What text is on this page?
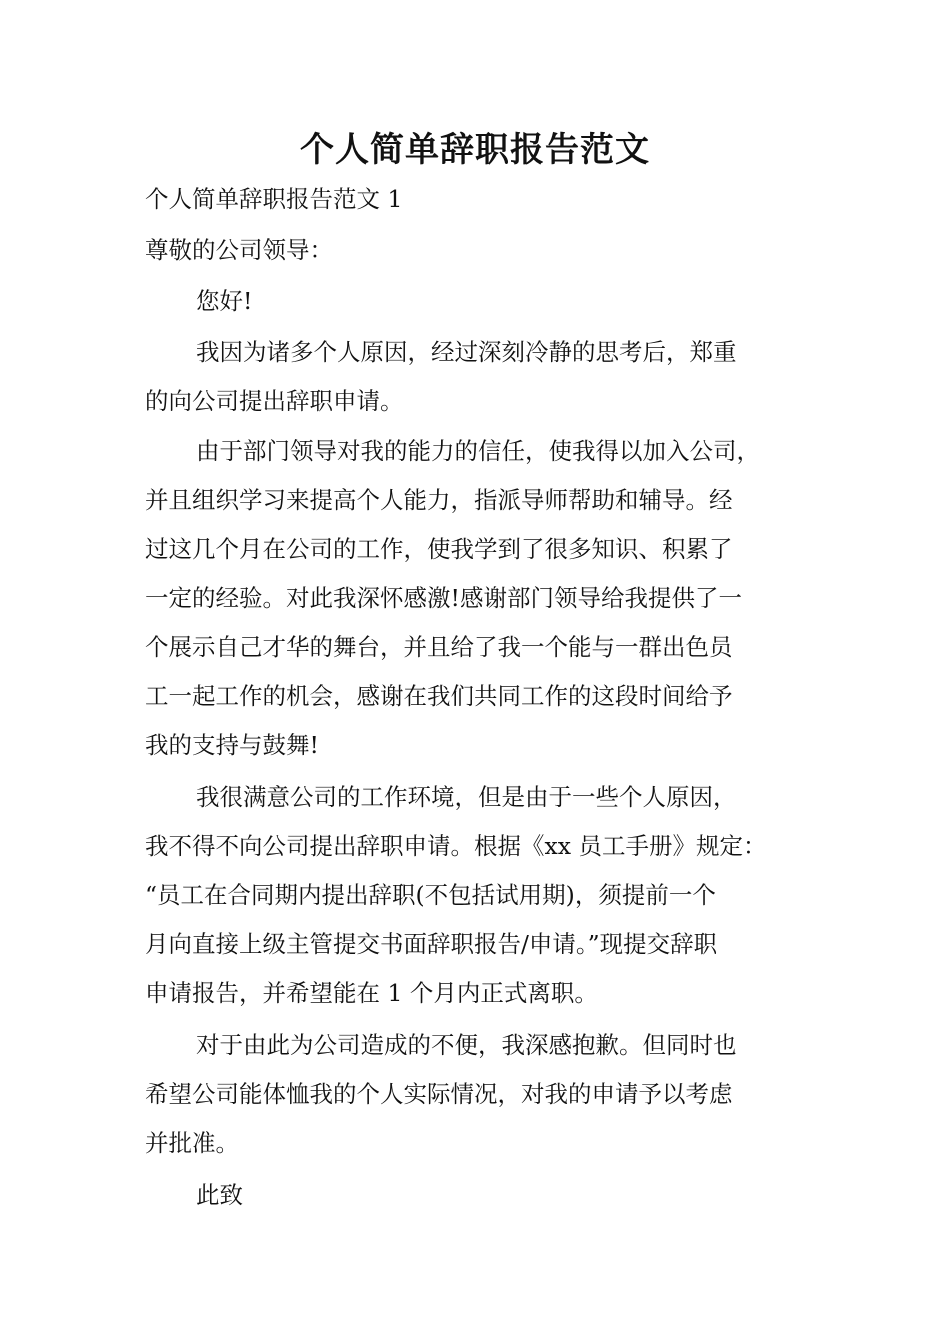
个人简单辞职报告范文
个人简单辞职报告范文 1
尊敬的公司领导：
您好!
我因为诸多个人原因，经过深刻冷静的思考后，郑重
的向公司提出辞职申请。
由于部门领导对我的能力的信任，使我得以加入公司，
并且组织学习来提高个人能力，指派导师帮助和辅导。经
过这几个月在公司的工作，使我学到了很多知识、积累了
一定的经验。对此我深怀感激!感谢部门领导给我提供了一
个展示自己才华的舞台，并且给了我一个能与一群出色员
工一起工作的机会，感谢在我们共同工作的这段时间给予
我的支持与鼓舞!
我很满意公司的工作环境，但是由于一些个人原因，
我不得不向公司提出辞职申请。根据《xx 员工手册》规定：
“员工在合同期内提出辞职(不包括试用期)，须提前一个
月向直接上级主管提交书面辞职报告/申请。”现提交辞职
申请报告，并希望能在 1 个月内正式离职。
对于由此为公司造成的不便，我深感抱歉。但同时也
希望公司能体恤我的个人实际情况，对我的申请予以考虑
并批准。
此致
